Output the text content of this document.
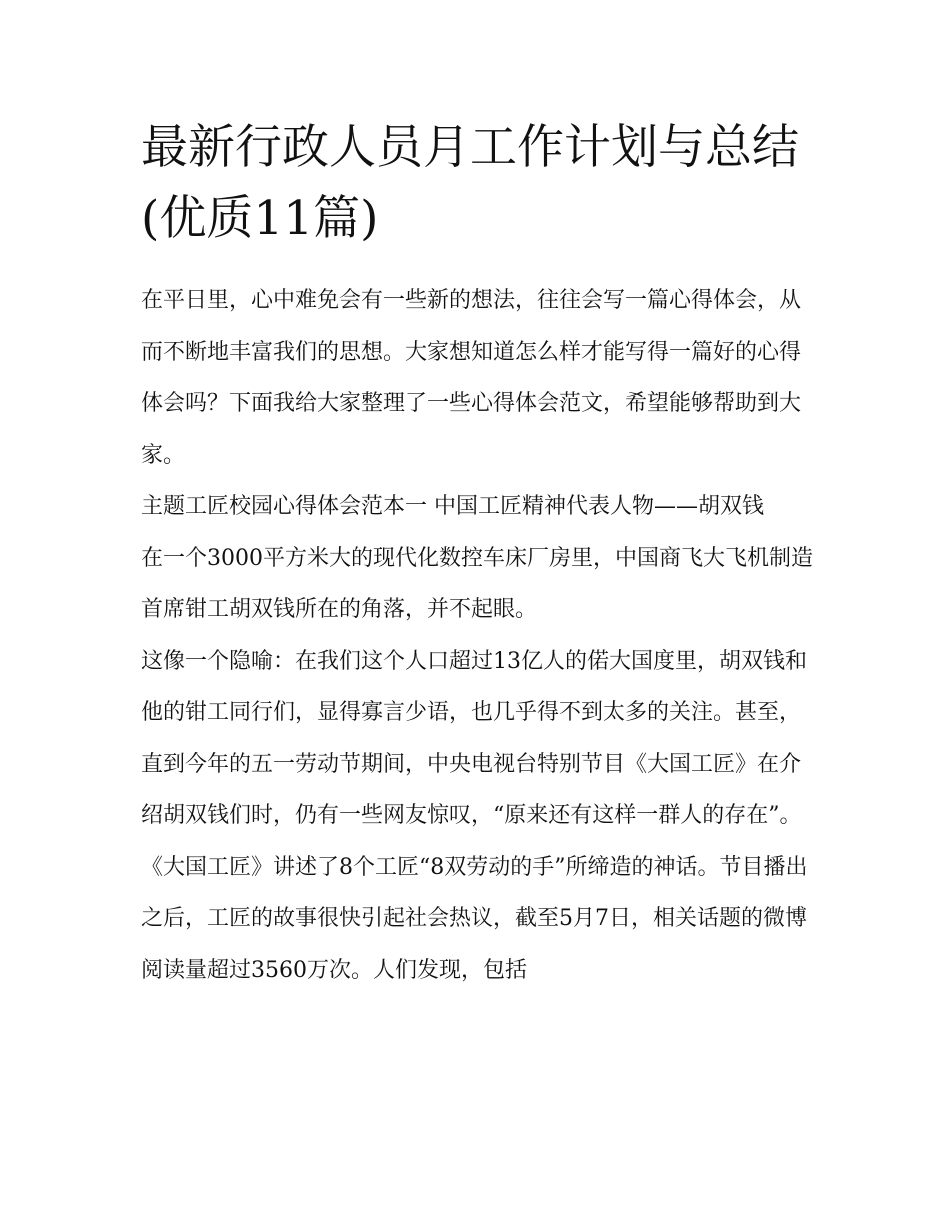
最新行政人员月工作计划与总结(优质11篇)

在平日里，心中难免会有一些新的想法，往往会写一篇心得体会，从而不断地丰富我们的思想。大家想知道怎么样才能写得一篇好的心得体会吗？下面我给大家整理了一些心得体会范文，希望能够帮助到大家。

主题工匠校园心得体会范本一 中国工匠精神代表人物——胡双钱

在一个3000平方米大的现代化数控车床厂房里，中国商飞大飞机制造首席钳工胡双钱所在的角落，并不起眼。

这像一个隐喻：在我们这个人口超过13亿人的偌大国度里，胡双钱和他的钳工同行们，显得寡言少语，也几乎得不到太多的关注。甚至，直到今年的五一劳动节期间，中央电视台特别节目《大国工匠》在介绍胡双钱们时，仍有一些网友惊叹，“原来还有这样一群人的存在”。

《大国工匠》讲述了8个工匠“8双劳动的手”所缔造的神话。节目播出之后，工匠的故事很快引起社会热议，截至5月7日，相关话题的微博阅读量超过3560万次。人们发现，包括
